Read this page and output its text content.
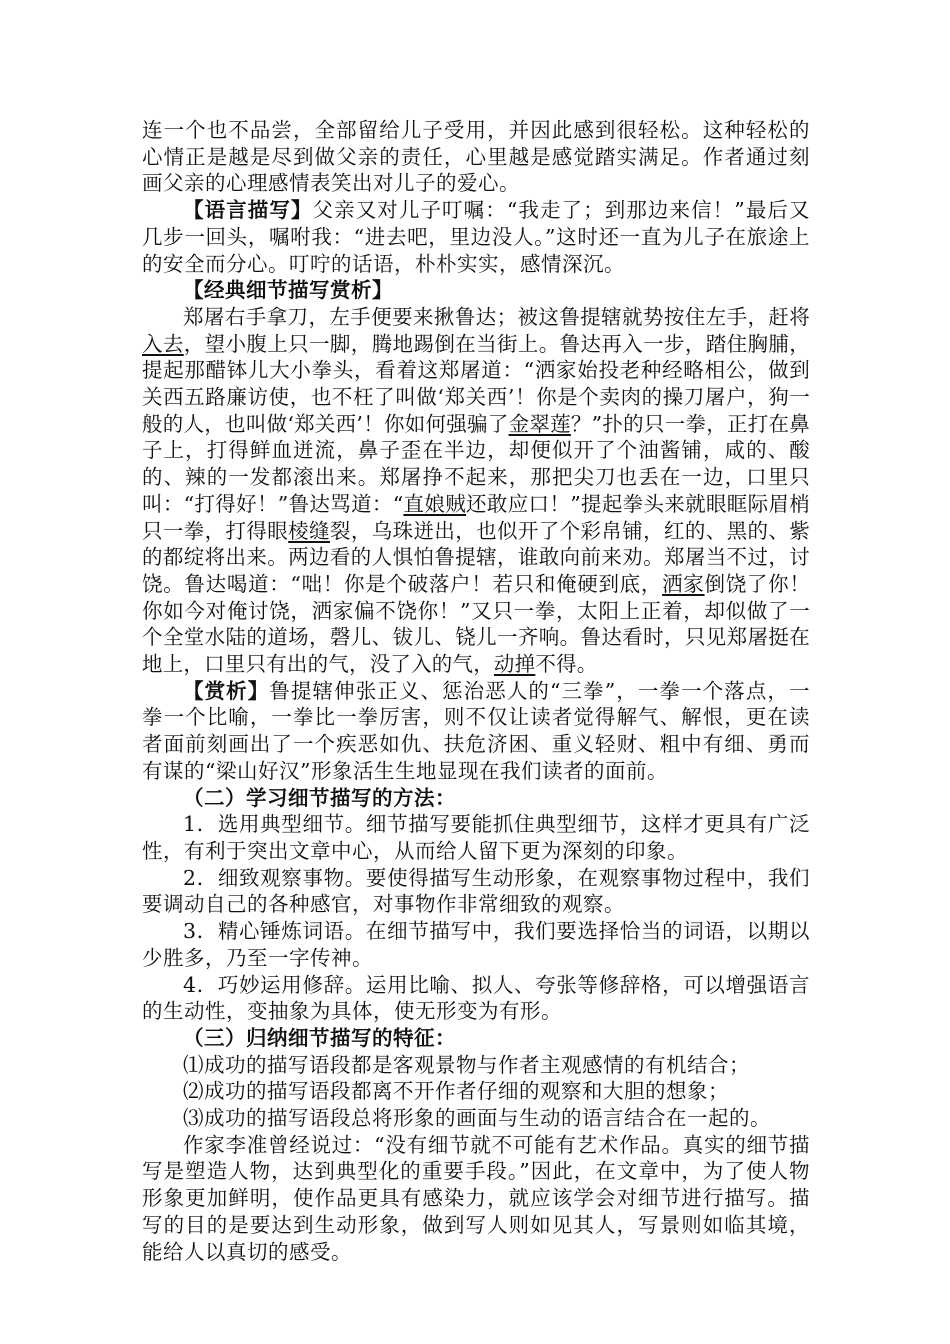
连一个也不品尝，全部留给儿子受用，并因此感到很轻松。这种轻松的心情正是越是尽到做父亲的责任，心里越是感觉踏实满足。作者通过刻画父亲的心理感情表笑出对儿子的爱心。

【语言描写】父亲又对儿子叮嘱：“我走了；到那边来信！”最后又几步一回头，嘱咐我：“进去吧，里边没人。”这时还一直为儿子在旅途上的安全而分心。叮咛的话语，朴朴实实，感情深沉。

【经典细节描写赏析】

郑屠右手拿刀，左手便要来揪鲁达；被这鲁提辖就势按住左手，赶将入去，望小腹上只一脚，腾地踢倒在当街上。鲁达再入一步，踏住胸脯，提起那醋钵儿大小拳头，看着这郑屠道：“洒家始投老种经略相公，做到关西五路廉访使，也不枉了叫做‘郑关西’！你是个卖肉的操刀屠户，狗一般的人，也叫做‘郑关西’！你如何强骗了金翠莲？”扑的只一拳，正打在鼻子上，打得鲜血迸流，鼻子歪在半边，却便似开了个油酱铺，咸的、酸的、辣的一发都滚出来。郑屠挣不起来，那把尖刀也丢在一边，口里只叫：“打得好！”鲁达骂道：“直娘贼还敢应口！”提起拳头来就眼眶际眉梢只一拳，打得眼棱缝裂，乌珠迸出，也似开了个彩帛铺，红的、黑的、紫的都绽将出来。两边看的人惧怕鲁提辖，谁敢向前来劝。郑屠当不过，讨饶。鲁达喝道：“咄！你是个破落户！若只和俺硬到底，洒家倒饶了你！你如今对俺讨饶，洒家偏不饶你！”又只一拳，太阳上正着，却似做了一个全堂水陆的道场，磬儿、钹儿、铙儿一齐响。鲁达看时，只见郑屠挺在地上，口里只有出的气，没了入的气，动掸不得。

【赏析】鲁提辖伸张正义、惩治恶人的“三拳”，一拳一个落点，一拳一个比喻，一拳比一拳厉害，则不仅让读者觉得解气、解恨，更在读者面前刻画出了一个疾恶如仇、扶危济困、重义轻财、粗中有细、勇而有谋的“梁山好汉”形象活生生地显现在我们读者的面前。

（二）学习细节描写的方法：

1．选用典型细节。细节描写要能抓住典型细节，这样才更具有广泛性，有利于突出文章中心，从而给人留下更为深刻的印象。

2．细致观察事物。要使得描写生动形象，在观察事物过程中，我们要调动自己的各种感官，对事物作非常细致的观察。

3．精心锤炼词语。在细节描写中，我们要选择恰当的词语，以期以少胜多，乃至一字传神。

4．巧妙运用修辞。运用比喻、拟人、夸张等修辞格，可以增强语言的生动性，变抽象为具体，使无形变为有形。

（三）归纳细节描写的特征：

⑴成功的描写语段都是客观景物与作者主观感情的有机结合；

⑵成功的描写语段都离不开作者仔细的观察和大胆的想象；

⑶成功的描写语段总将形象的画面与生动的语言结合在一起的。

作家李准曾经说过：“没有细节就不可能有艺术作品。真实的细节描写是塑造人物，达到典型化的重要手段。”因此，在文章中，为了使人物形象更加鲜明，使作品更具有感染力，就应该学会对细节进行描写。描写的目的是要达到生动形象，做到写人则如见其人，写景则如临其境，能给人以真切的感受。
